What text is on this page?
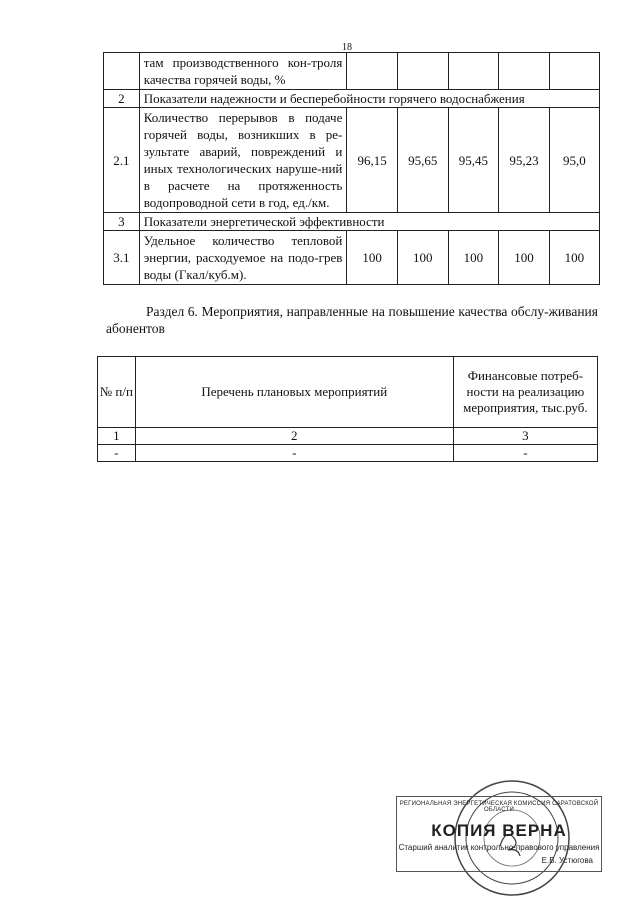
18
	там производственного кон-троля качества горячей воды, %					
2	Показатели надежности и бесперебойности горячего водоснабжения					
2.1	Количество перерывов в подаче горячей воды, возникших в ре-зультате аварий, повреждений и иных технологических наруше-ний в расчете на протяженность водопроводной сети в год, ед./км.	96,15	95,65	95,45	95,23	95,0
3	Показатели энергетической эффективности					
3.1	Удельное количество тепловой энергии, расходуемое на подо-грев воды (Гкал/куб.м).	100	100	100	100	100
Раздел 6. Мероприятия, направленные на повышение качества обслу-живания абонентов
№ п/п	Перечень плановых мероприятий	Финансовые потреб-ности на реализацию мероприятия, тыс.руб.
1	2	3
-	-	-
РЕГИОНАЛЬНАЯ ЭНЕРГЕТИЧЕСКАЯ КОМИССИЯ САРАТОВСКОЙ ОБЛАСТИ
КОПИЯ ВЕРНА
Старший аналитик контрольно-правового управления
Е.В. Устюгова
